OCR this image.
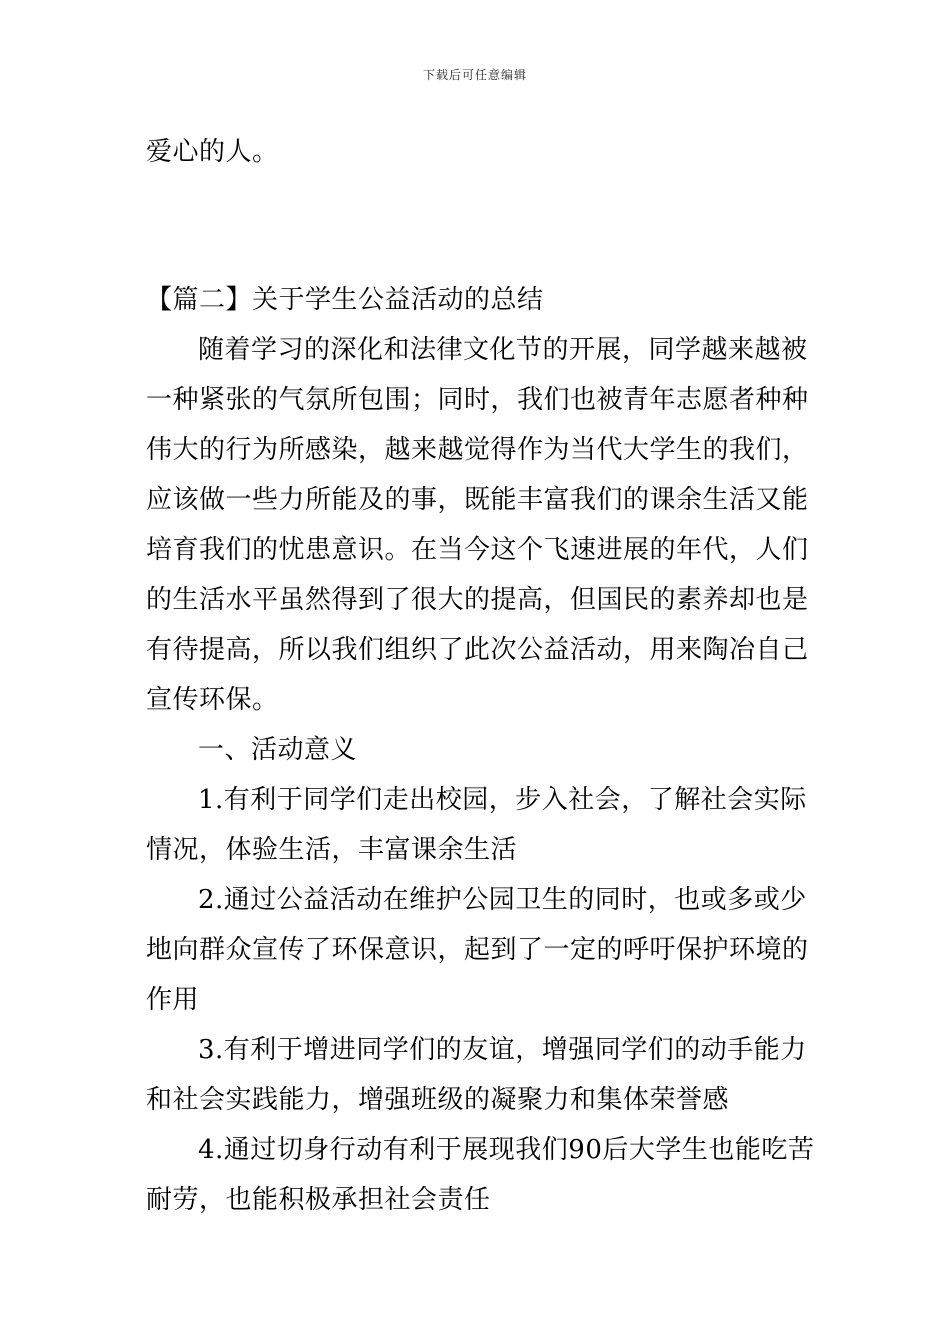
下载后可任意编辑
爱心的人。
【篇二】关于学生公益活动的总结
随着学习的深化和法律文化节的开展，同学越来越被
一种紧张的气氛所包围；同时，我们也被青年志愿者种种
伟大的行为所感染，越来越觉得作为当代大学生的我们，
应该做一些力所能及的事，既能丰富我们的课余生活又能
培育我们的忧患意识。在当今这个飞速进展的年代，人们
的生活水平虽然得到了很大的提高，但国民的素养却也是
有待提高，所以我们组织了此次公益活动，用来陶冶自己
宣传环保。
一、活动意义
1.有利于同学们走出校园，步入社会，了解社会实际
情况，体验生活，丰富课余生活
2.通过公益活动在维护公园卫生的同时，也或多或少
地向群众宣传了环保意识，起到了一定的呼吁保护环境的
作用
3.有利于增进同学们的友谊，增强同学们的动手能力
和社会实践能力，增强班级的凝聚力和集体荣誉感
4.通过切身行动有利于展现我们90后大学生也能吃苦
耐劳，也能积极承担社会责任
